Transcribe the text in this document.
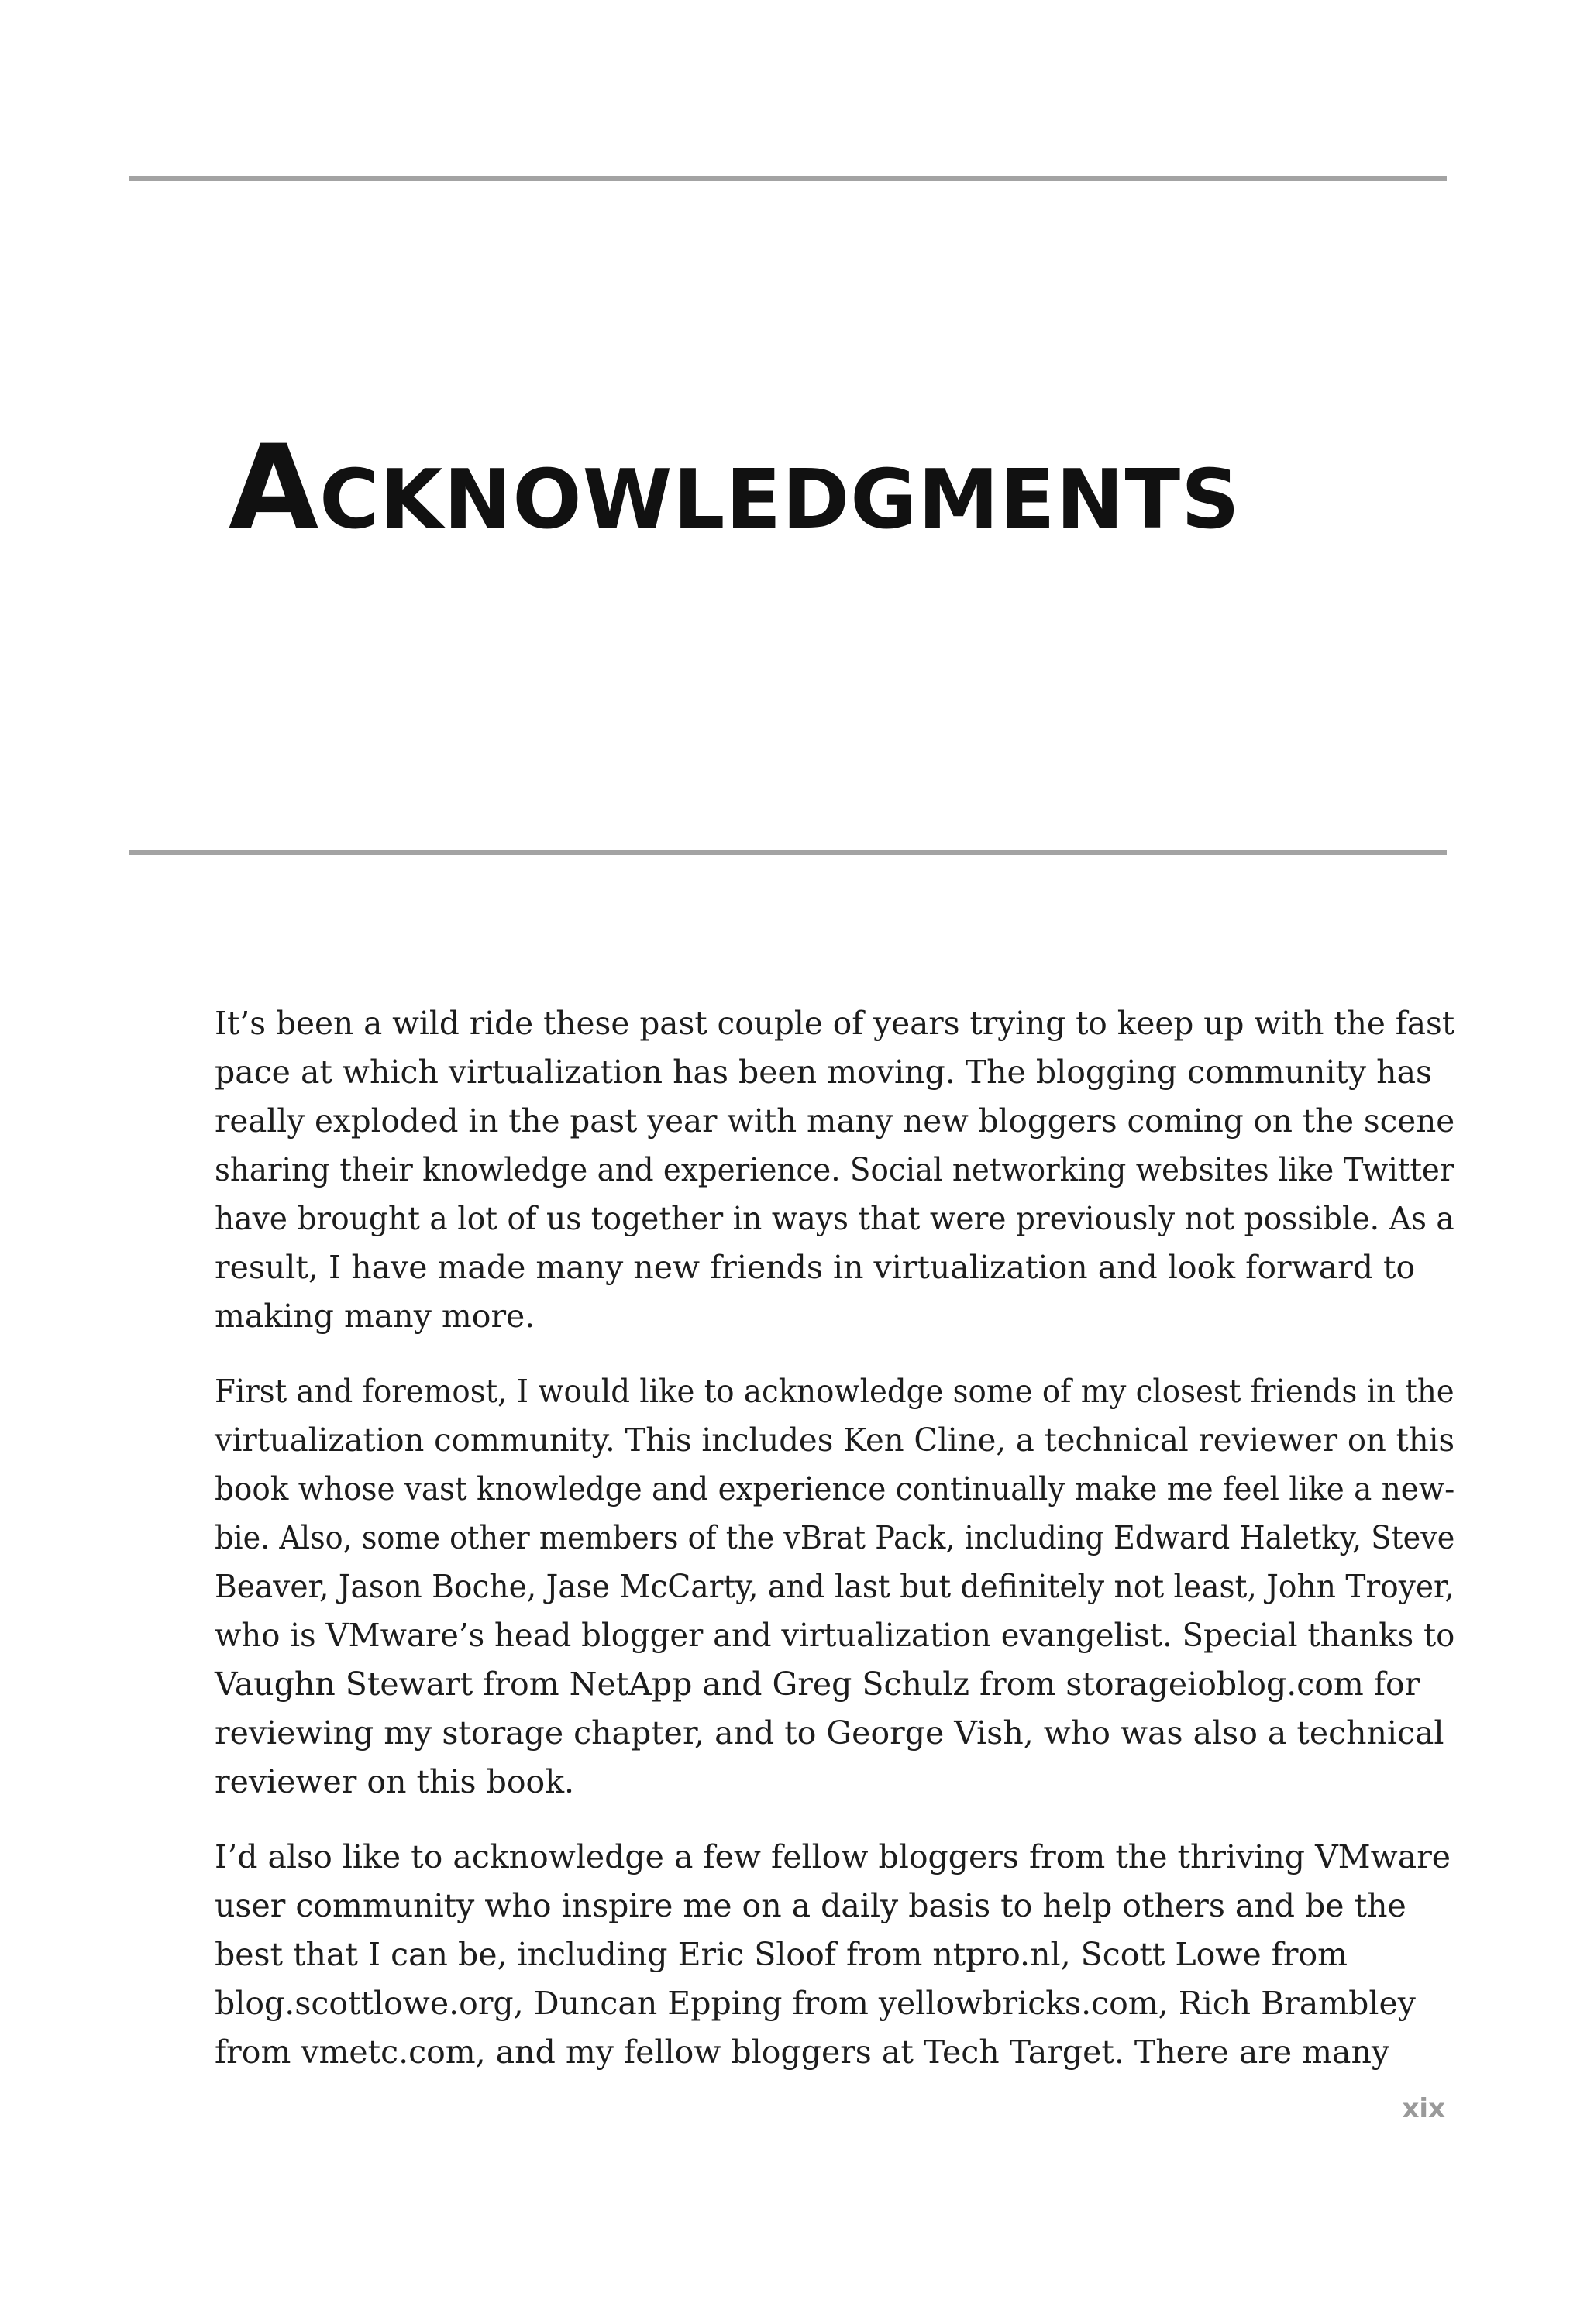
Acknowledgments

It’s been a wild ride these past couple of years trying to keep up with the fast
pace at which virtualization has been moving. The blogging community has
really exploded in the past year with many new bloggers coming on the scene
sharing their knowledge and experience. Social networking websites like Twitter
have brought a lot of us together in ways that were previously not possible. As a
result, I have made many new friends in virtualization and look forward to
making many more.

First and foremost, I would like to acknowledge some of my closest friends in the
virtualization community. This includes Ken Cline, a technical reviewer on this
book whose vast knowledge and experience continually make me feel like a new-
bie. Also, some other members of the vBrat Pack, including Edward Haletky, Steve
Beaver, Jason Boche, Jase McCarty, and last but definitely not least, John Troyer,
who is VMware’s head blogger and virtualization evangelist. Special thanks to
Vaughn Stewart from NetApp and Greg Schulz from storageioblog.com for
reviewing my storage chapter, and to George Vish, who was also a technical
reviewer on this book.

I’d also like to acknowledge a few fellow bloggers from the thriving VMware
user community who inspire me on a daily basis to help others and be the
best that I can be, including Eric Sloof from ntpro.nl, Scott Lowe from
blog.scottlowe.org, Duncan Epping from yellowbricks.com, Rich Brambley
from vmetc.com, and my fellow bloggers at Tech Target. There are many

xix
